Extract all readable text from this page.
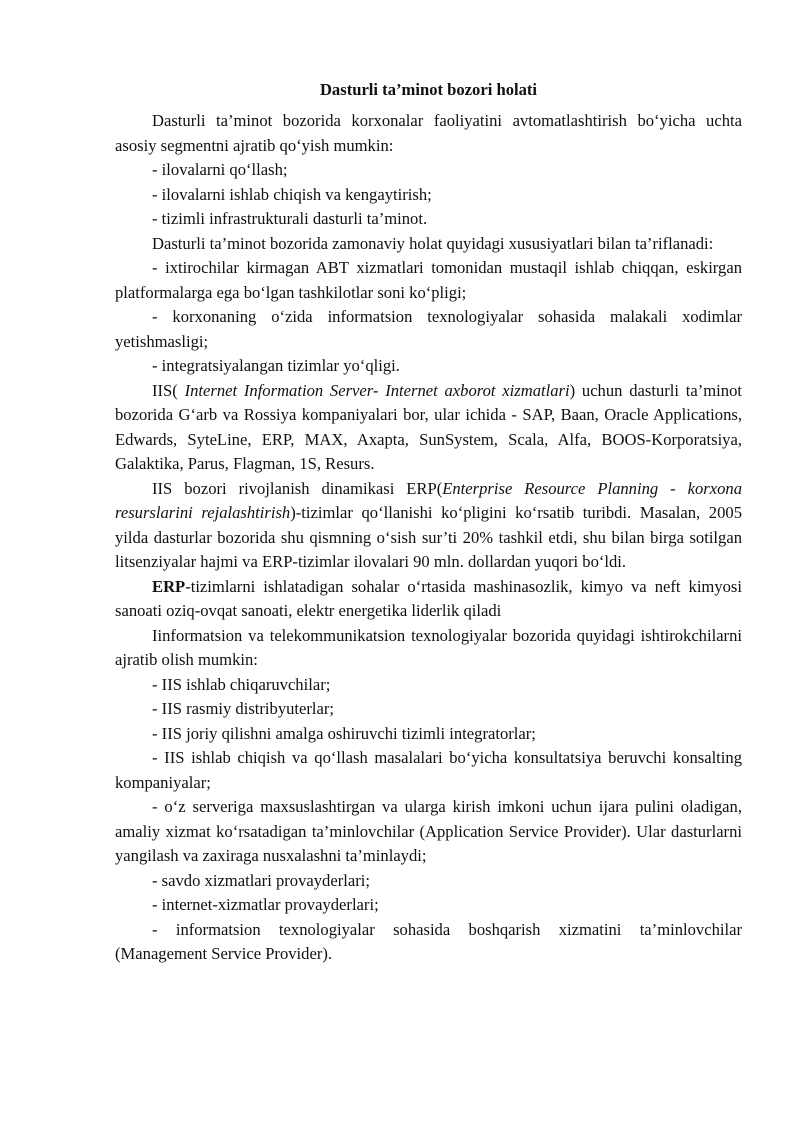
Dasturli ta’minot bozori holati

Dasturli ta’minot bozorida korxonalar faoliyatini avtomatlashtirish bo‘yicha uchta asosiy segmentni ajratib qo‘yish mumkin:

- ilovalarni qo‘llash;

- ilovalarni ishlab chiqish va kengaytirish;

- tizimli infrastrukturali dasturli ta’minot.

Dasturli ta’minot bozorida zamonaviy holat quyidagi xususiyatlari bilan ta’riflanadi:

- ixtirochilar kirmagan ABT xizmatlari tomonidan mustaqil ishlab chiqqan, eskirgan platformalarga ega bo‘lgan tashkilotlar soni ko‘pligi;

- korxonaning o‘zida informatsion texnologiyalar sohasida malakali xodimlar yetishmasligi;

- integratsiyalangan tizimlar yo‘qligi.

IIS( Internet Information Server- Internet axborot xizmatlari) uchun dasturli ta’minot bozorida G‘arb va Rossiya kompaniyalari bor, ular ichida - SAP, Baan, Oracle Applications, Edwards, SyteLine, ERP, MAX, Axapta, SunSystem, Scala, Alfa, BOOS-Korporatsiya, Galaktika, Parus, Flagman, 1S, Resurs.

IIS bozori rivojlanish dinamikasi ERP(Enterprise Resource Planning - korxona resurslarini rejalashtirish)-tizimlar qo‘llanishi ko‘pligini ko‘rsatib turibdi. Masalan, 2005 yilda dasturlar bozorida shu qismning o‘sish sur’ti 20% tashkil etdi, shu bilan birga sotilgan litsenziyalar hajmi va ERP-tizimlar ilovalari 90 mln. dollardan yuqori bo‘ldi.

ERP-tizimlarni ishlatadigan sohalar o‘rtasida mashinasozlik, kimyo va neft kimyosi sanoati oziq-ovqat sanoati, elektr energetika liderlik qiladi

Iinformatsion va telekommunikatsion texnologiyalar bozorida quyidagi ishtirokchilarni ajratib olish mumkin:

- IIS ishlab chiqaruvchilar;

- IIS rasmiy distribyuterlar;

- IIS joriy qilishni amalga oshiruvchi tizimli integratorlar;

- IIS ishlab chiqish va qo‘llash masalalari bo‘yicha konsultatsiya beruvchi konsalting kompaniyalar;

- o‘z serveriga maxsuslashtirgan va ularga kirish imkoni uchun ijara pulini oladigan, amaliy xizmat ko‘rsatadigan ta’minlovchilar (Application Service Provider). Ular dasturlarni yangilash va zaxiraga nusxalashni ta’minlaydi;

- savdo xizmatlari provayderlari;

- internet-xizmatlar provayderlari;

- informatsion texnologiyalar sohasida boshqarish xizmatini ta’minlovchilar (Management Service Provider).
